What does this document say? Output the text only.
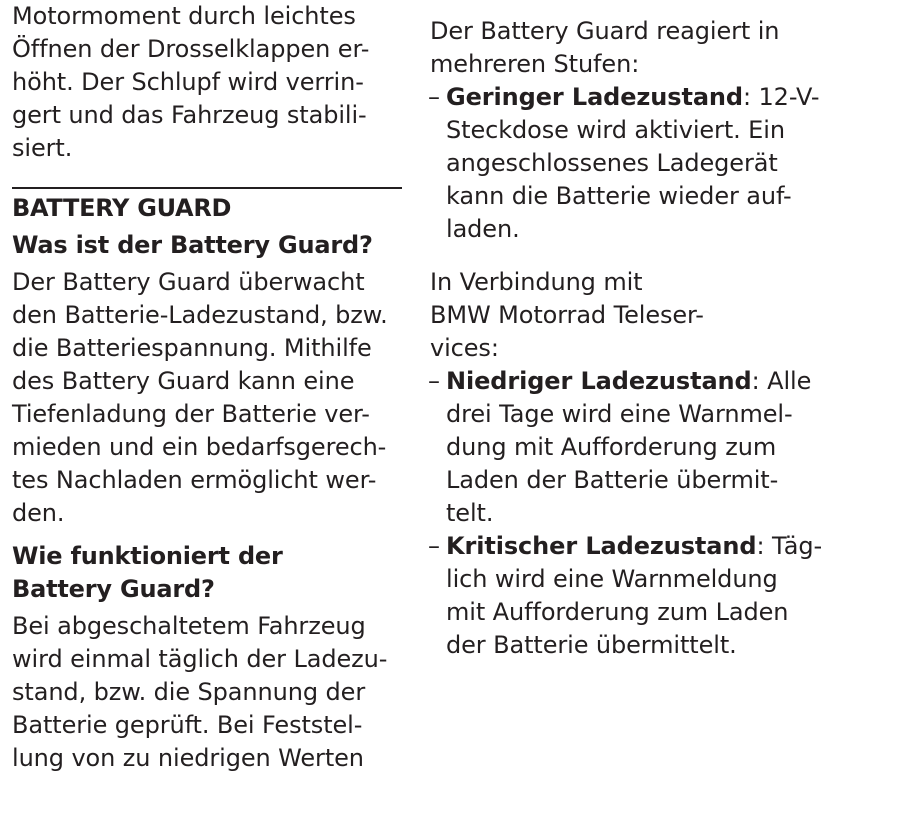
Motormoment durch leichtes
Öffnen der Drosselklappen er-
höht. Der Schlupf wird verrin-
gert und das Fahrzeug stabili-
siert.
BATTERY GUARD
Was ist der Battery Guard?
Der Battery Guard überwacht
den Batterie-Ladezustand, bzw.
die Batteriespannung. Mithilfe
des Battery Guard kann eine
Tiefenladung der Batterie ver-
mieden und ein bedarfsgerech-
tes Nachladen ermöglicht wer-
den.
Wie funktioniert der
Battery Guard?
Bei abgeschaltetem Fahrzeug
wird einmal täglich der Ladezu-
stand, bzw. die Spannung der
Batterie geprüft. Bei Feststel-
lung von zu niedrigen Werten
Der Battery Guard reagiert in
mehreren Stufen:
– Geringer Ladezustand: 12-V-
Steckdose wird aktiviert. Ein
angeschlossenes Ladegerät
kann die Batterie wieder auf-
laden.
In Verbindung mit
BMW Motorrad Teleser-
vices:
– Niedriger Ladezustand: Alle
drei Tage wird eine Warnmel-
dung mit Aufforderung zum
Laden der Batterie übermit-
telt.
– Kritischer Ladezustand: Täg-
lich wird eine Warnmeldung
mit Aufforderung zum Laden
der Batterie übermittelt.
